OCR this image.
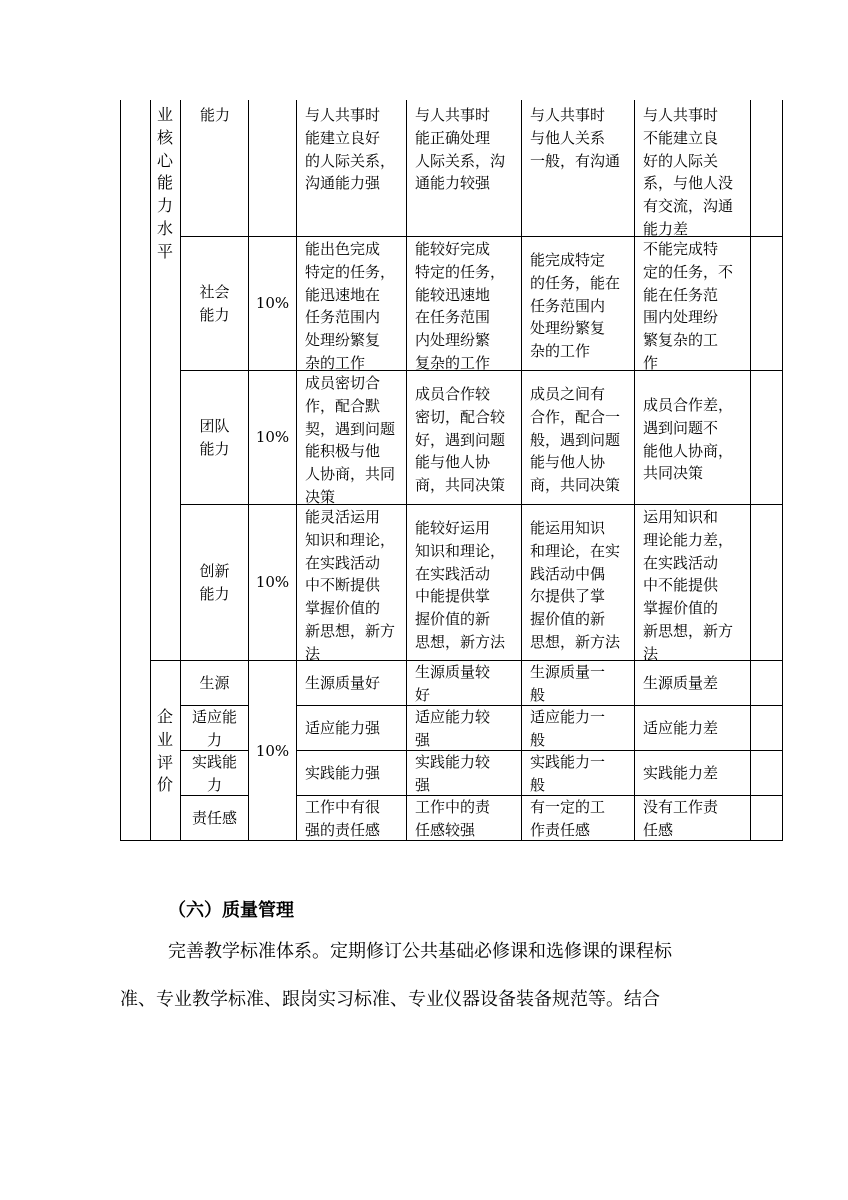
业
核
心
能
力
水
平
企
业
评
价
能力	与人共事时
能建立良好
的人际关系，
沟通能力强
与人共事时
能正确处理
人际关系，沟
通能力较强
与人共事时
与他人关系
一般，有沟通
与人共事时
不能建立良
好的人际关
系，与他人没
有交流，沟通
能力差
社会
能力
10%
能出色完成
特定的任务，
能迅速地在
任务范围内
处理纷繁复
杂的工作
能较好完成
特定的任务，
能较迅速地
在任务范围
内处理纷繁
复杂的工作
能完成特定
的任务，能在
任务范围内
处理纷繁复
杂的工作
不能完成特
定的任务，不
能在任务范
围内处理纷
繁复杂的工
作
团队
能力
10%
成员密切合
作，配合默
契，遇到问题
能积极与他
人协商，共同
决策
成员合作较
密切，配合较
好，遇到问题
能与他人协
商，共同决策
成员之间有
合作，配合一
般，遇到问题
能与他人协
商，共同决策
成员合作差，
遇到问题不
能他人协商，
共同决策
创新
能力
10%
能灵活运用
知识和理论，
在实践活动
中不断提供
掌握价值的
新思想，新方
法
能较好运用
知识和理论，
在实践活动
中能提供掌
握价值的新
思想，新方法
能运用知识
和理论，在实
践活动中偶
尔提供了掌
握价值的新
思想，新方法
运用知识和
理论能力差，
在实践活动
中不能提供
掌握价值的
新思想，新方
法
10%
生源	生源质量好
生源质量较
好
生源质量一
般
生源质量差
适应能
力
适应能力强
适应能力较
强
适应能力一
般
适应能力差
实践能
力
实践能力强
实践能力较
强
实践能力一
般
实践能力差
责任感
工作中有很
强的责任感
工作中的责
任感较强
有一定的工
作责任感
没有工作责
任感
（六）质量管理
完善教学标准体系。定期修订公共基础必修课和选修课的课程标
准、专业教学标准、跟岗实习标准、专业仪器设备装备规范等。结合
